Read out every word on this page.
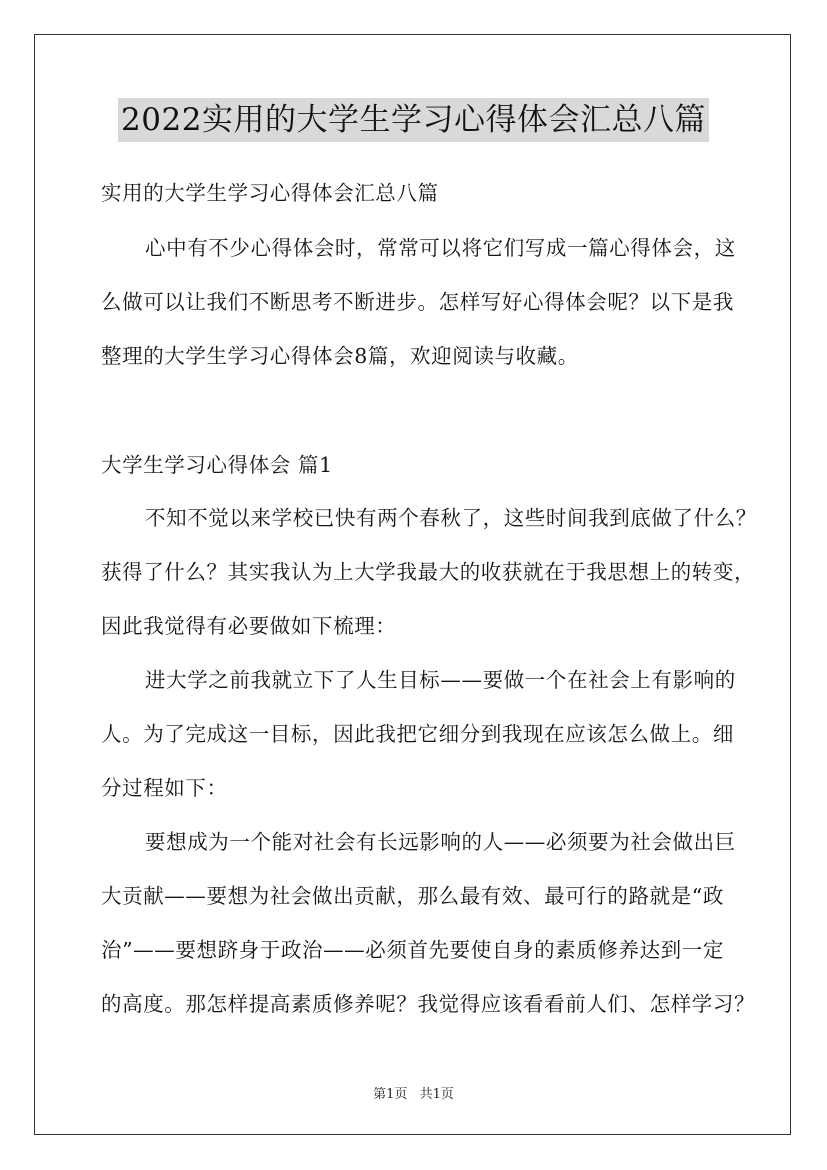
2022实用的大学生学习心得体会汇总八篇
实用的大学生学习心得体会汇总八篇
心中有不少心得体会时，常常可以将它们写成一篇心得体会，这
么做可以让我们不断思考不断进步。怎样写好心得体会呢？以下是我
整理的大学生学习心得体会8篇，欢迎阅读与收藏。
大学生学习心得体会 篇1
不知不觉以来学校已快有两个春秋了，这些时间我到底做了什么？
获得了什么？其实我认为上大学我最大的收获就在于我思想上的转变，
因此我觉得有必要做如下梳理：
进大学之前我就立下了人生目标——要做一个在社会上有影响的
人。为了完成这一目标，因此我把它细分到我现在应该怎么做上。细
分过程如下：
要想成为一个能对社会有长远影响的人——必须要为社会做出巨
大贡献——要想为社会做出贡献，那么最有效、最可行的路就是“政
治”——要想跻身于政治——必须首先要使自身的素质修养达到一定
的高度。那怎样提高素质修养呢？我觉得应该看看前人们、怎样学习？
第1页 共1页
